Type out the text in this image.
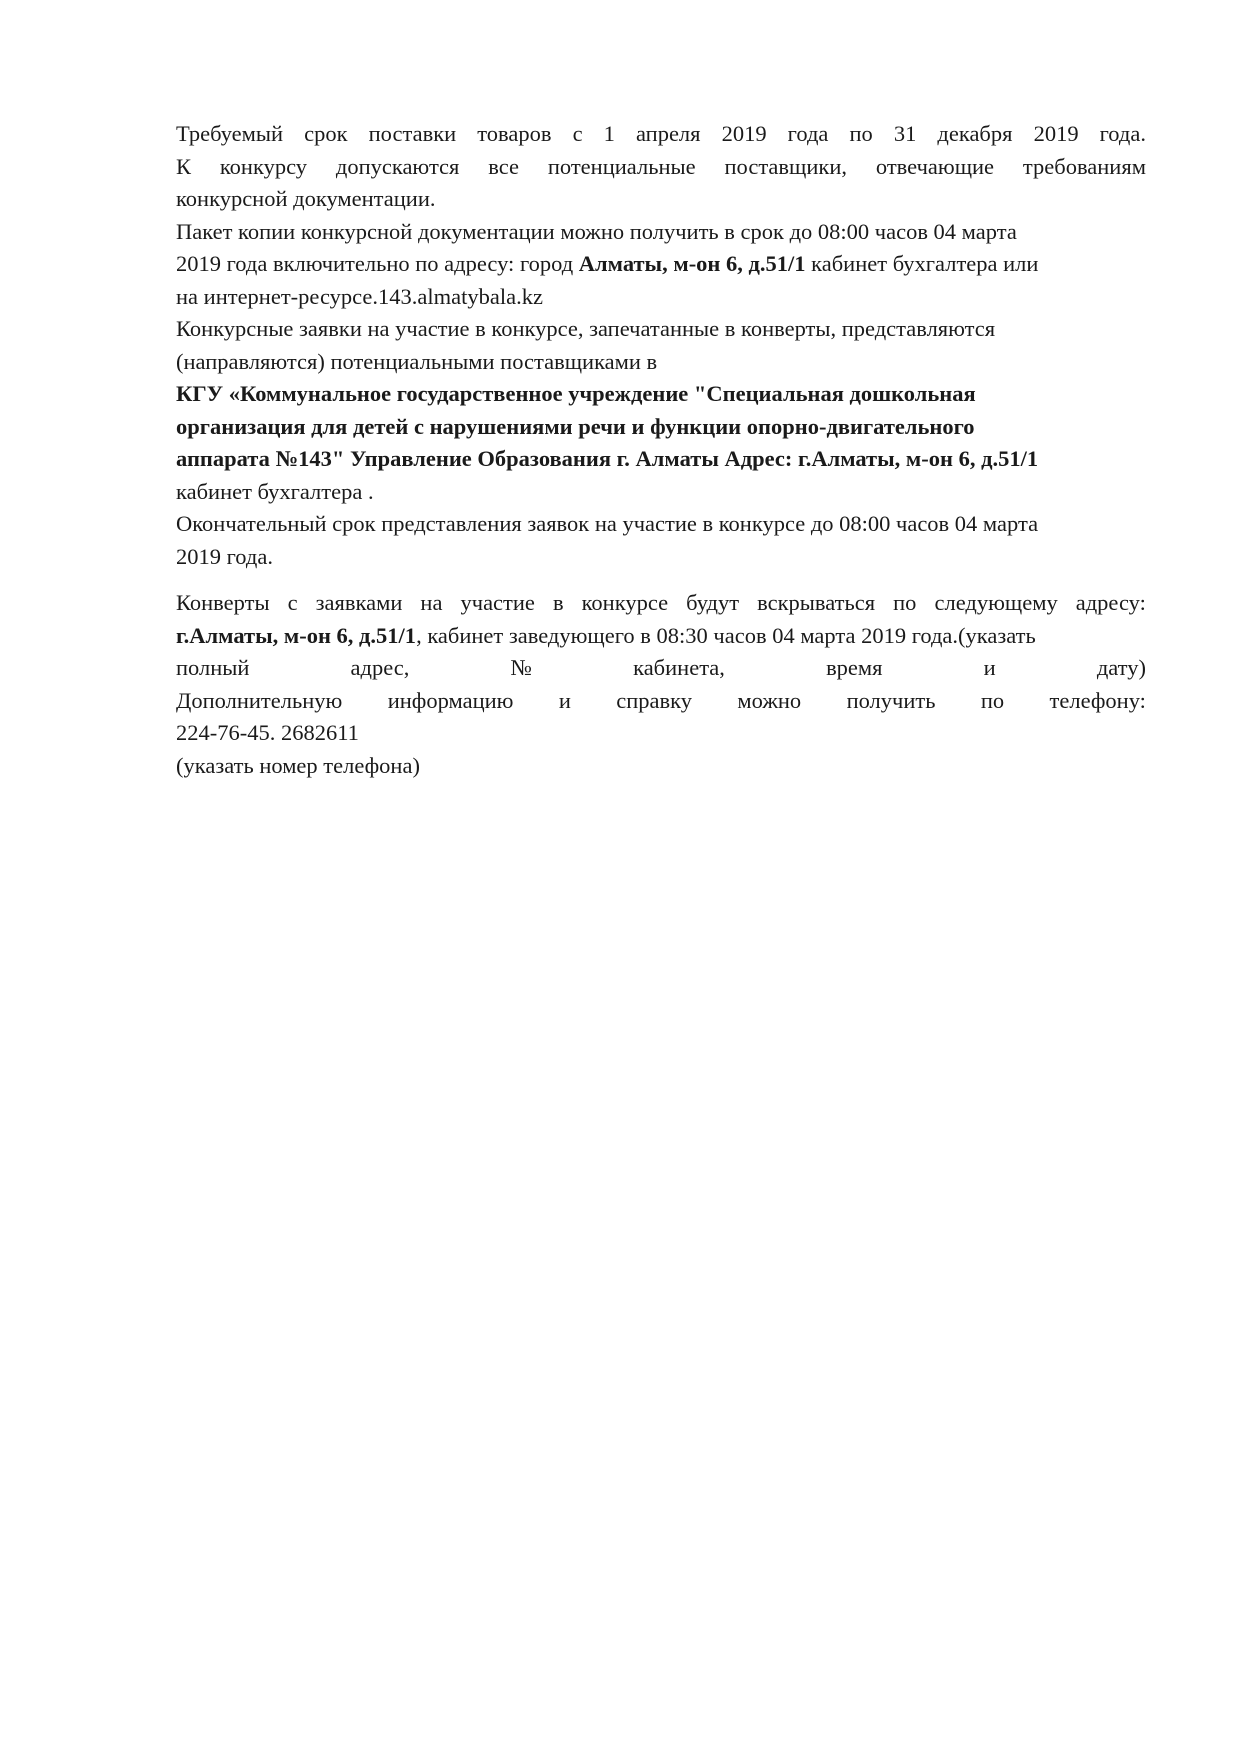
Требуемый срок поставки товаров с 1 апреля 2019 года по 31 декабря 2019 года.
К конкурсу допускаются все потенциальные поставщики, отвечающие требованиям
конкурсной документации.
Пакет копии конкурсной документации можно получить в срок до 08:00 часов 04 марта
2019 года включительно по адресу: город Алматы, м-он 6, д.51/1 кабинет бухгалтера или
на интернет-ресурсе.143.almatybala.kz
Конкурсные заявки на участие в конкурсе, запечатанные в конверты, представляются
(направляются) потенциальными поставщиками в
КГУ «Коммунальное государственное учреждение "Специальная дошкольная
организация для детей с нарушениями речи и функции опорно-двигательного
аппарата №143" Управление Образования г. Алматы Адрес: г.Алматы, м-он 6, д.51/1
кабинет бухгалтера .
Окончательный срок представления заявок на участие в конкурсе до 08:00 часов 04 марта
2019 года.
Конверты с заявками на участие в конкурсе будут вскрываться по следующему адресу:
г.Алматы, м-он 6, д.51/1, кабинет заведующего в 08:30 часов 04 марта 2019 года.(указать
полный	адрес,	№	кабинета,	время	и	дату)
Дополнительную информацию и справку можно получить по телефону:
224-76-45. 2682611
(указать номер телефона)
